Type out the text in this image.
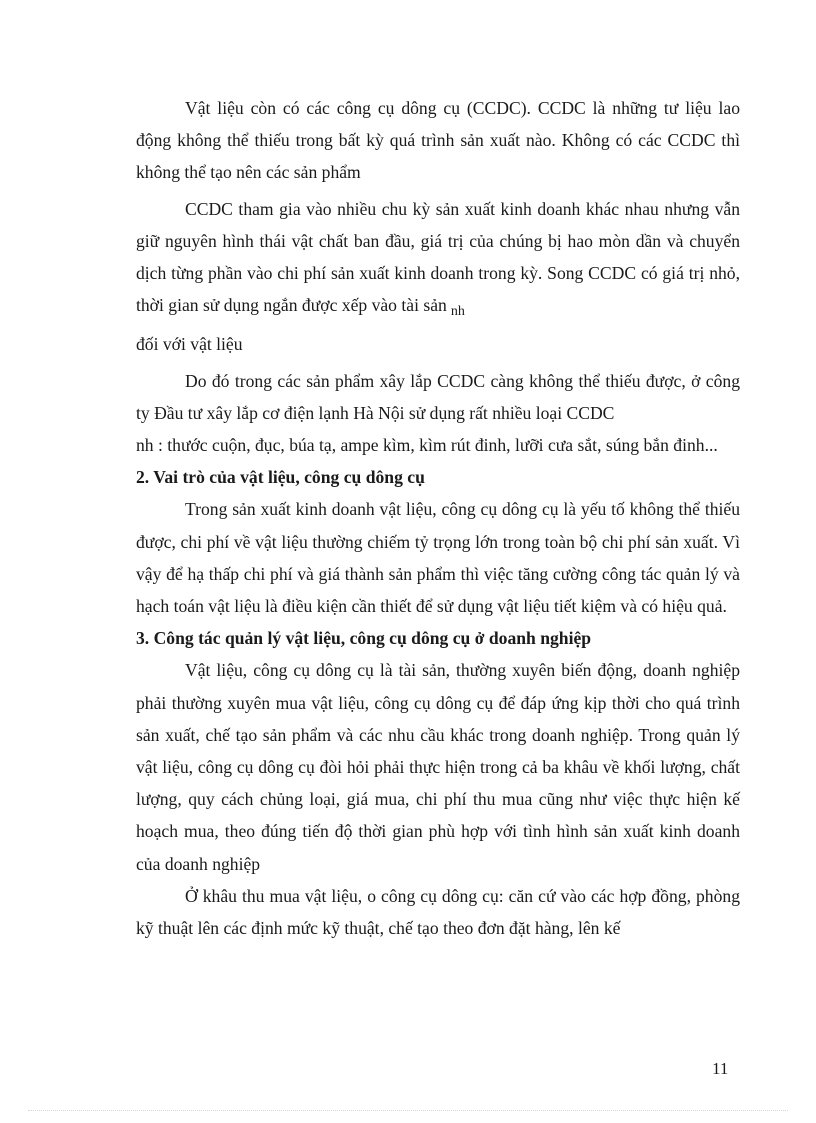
Vật liệu còn có các công cụ dông cụ (CCDC). CCDC là những tư liệu lao động không thể thiếu trong bất kỳ quá trình sản xuất nào. Không có các CCDC thì không thể tạo nên các sản phẩm

CCDC tham gia vào nhiều chu kỳ sản xuất kinh doanh khác nhau nhưng vẫn giữ nguyên hình thái vật chất ban đầu, giá trị của chúng bị hao mòn dần và chuyển dịch từng phần vào chi phí sản xuất kinh doanh trong kỳ. Song CCDC có giá trị nhỏ, thời gian sử dụng ngắn được xếp vào tài sản $_{nh}$
đối với vật liệu

Do đó trong các sản phẩm xây lắp CCDC càng không thể thiếu được, ở công ty Đầu tư xây lắp cơ điện lạnh Hà Nội sử dụng rất nhiều loại CCDC
nh : thước cuộn, đục, búa tạ, ampe kìm, kìm rút đinh, lưỡi cưa sắt, súng bắn đinh...

2. Vai trò của vật liệu, công cụ dông cụ

Trong sản xuất kinh doanh vật liệu, công cụ dông cụ là yếu tố không thể thiếu được, chi phí về vật liệu thường chiếm tỷ trọng lớn trong toàn bộ chi phí sản xuất. Vì vậy để hạ thấp chi phí và giá thành sản phẩm thì việc tăng cường công tác quản lý và hạch toán vật liệu là điều kiện cần thiết để sử dụng vật liệu tiết kiệm và có hiệu quả.

3. Công tác quản lý vật liệu, công cụ dông cụ ở doanh nghiệp

Vật liệu, công cụ dông cụ là tài sản, thường xuyên biến động, doanh nghiệp phải thường xuyên mua vật liệu, công cụ dông cụ để đáp ứng kịp thời cho quá trình sản xuất, chế tạo sản phẩm và các nhu cầu khác trong doanh nghiệp. Trong quản lý vật liệu, công cụ dông cụ đòi hỏi phải thực hiện trong cả ba khâu về khối lượng, chất lượng, quy cách chủng loại, giá mua, chi phí thu mua cũng như việc thực hiện kế hoạch mua, theo đúng tiến độ thời gian phù hợp với tình hình sản xuất kinh doanh của doanh nghiệp

Ở khâu thu mua vật liệu, o công cụ dông cụ: căn cứ vào các hợp đồng, phòng kỹ thuật lên các định mức kỹ thuật, chế tạo theo đơn đặt hàng, lên kế

11
